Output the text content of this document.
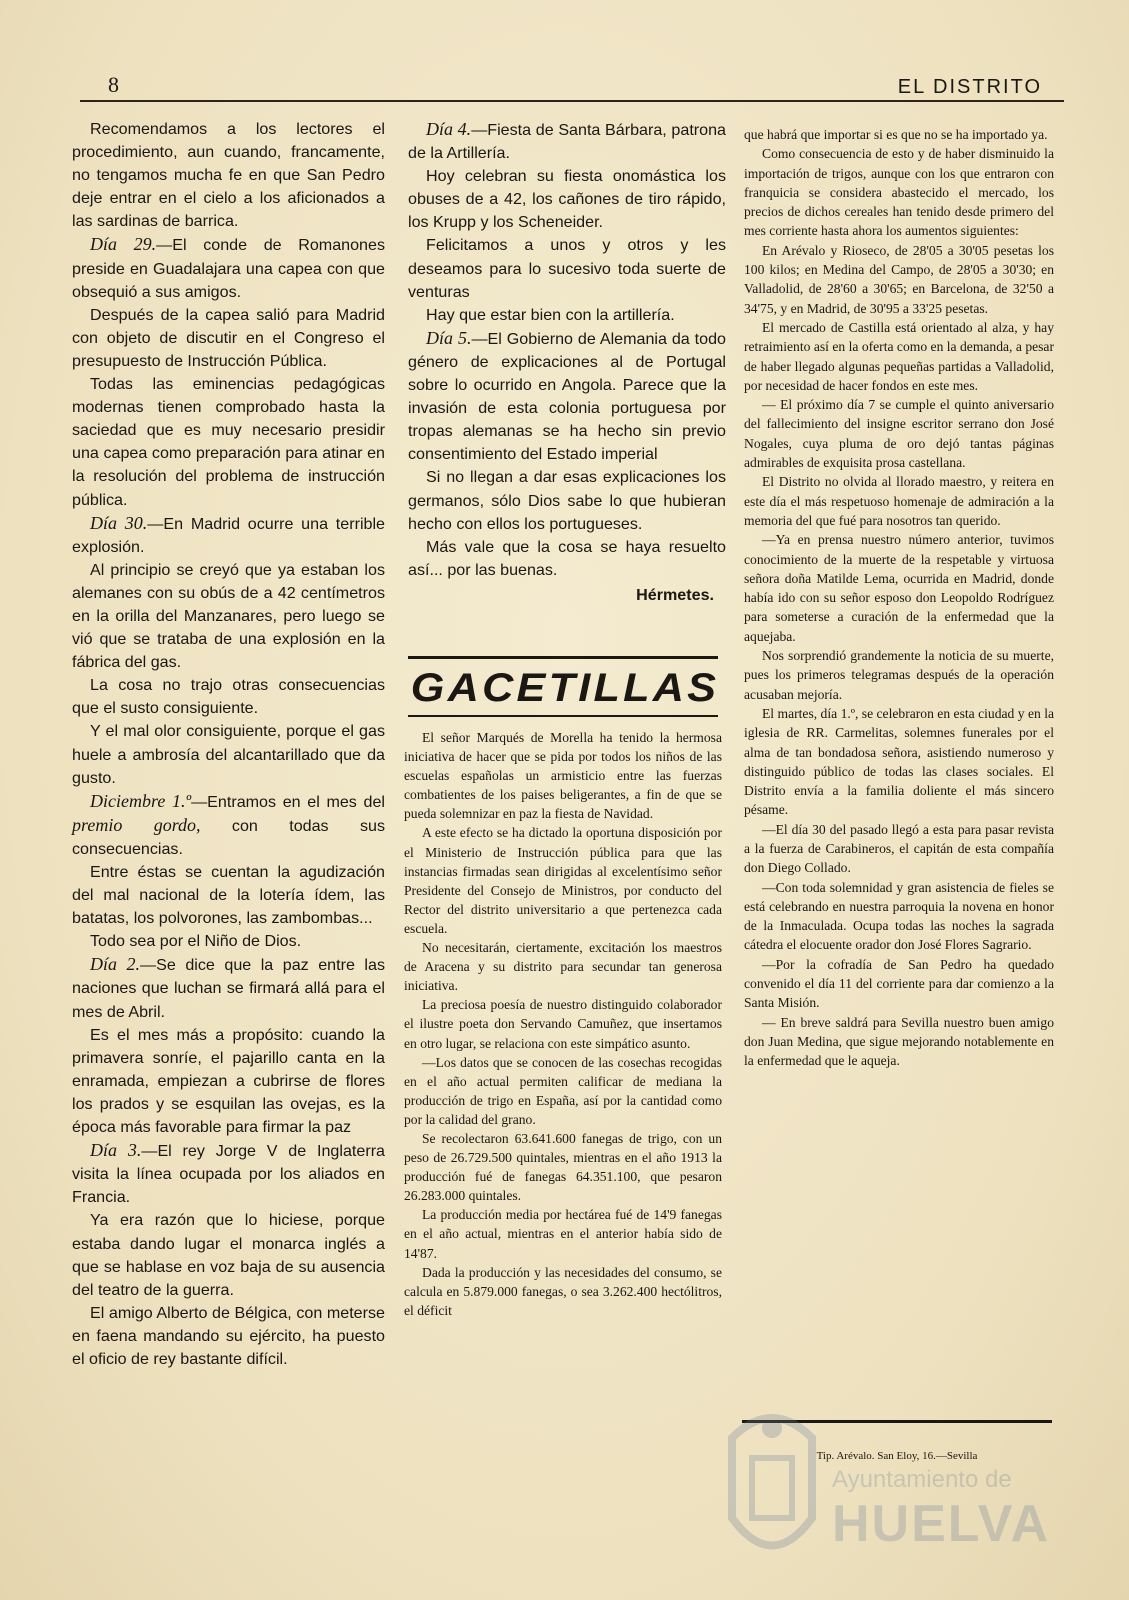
8	EL DISTRITO

Recomendamos a los lectores el procedimiento, aun cuando, francamente, no tengamos mucha fe en que San Pedro deje entrar en el cielo a los aficionados a las sardinas de barrica.

Día 29.—El conde de Romanones preside en Guadalajara una capea con que obsequió a sus amigos.

Después de la capea salió para Madrid con objeto de discutir en el Congreso el presupuesto de Instrucción Pública.

Todas las eminencias pedagógicas modernas tienen comprobado hasta la saciedad que es muy necesario presidir una capea como preparación para atinar en la resolución del problema de instrucción pública.

Día 30.—En Madrid ocurre una terrible explosión.

Al principio se creyó que ya estaban los alemanes con su obús de a 42 centímetros en la orilla del Manzanares, pero luego se vió que se trataba de una explosión en la fábrica del gas.

La cosa no trajo otras consecuencias que el susto consiguiente.

Y el mal olor consiguiente, porque el gas huele a ambrosía del alcantarillado que da gusto.

Diciembre 1.º—Entramos en el mes del premio gordo, con todas sus consecuencias.

Entre éstas se cuentan la agudización del mal nacional de la lotería ídem, las batatas, los polvorones, las zambombas...

Todo sea por el Niño de Dios.

Día 2.—Se dice que la paz entre las naciones que luchan se firmará allá para el mes de Abril.

Es el mes más a propósito: cuando la primavera sonríe, el pajarillo canta en la enramada, empiezan a cubrirse de flores los prados y se esquilan las ovejas, es la época más favorable para firmar la paz

Día 3.—El rey Jorge V de Inglaterra visita la línea ocupada por los aliados en Francia.

Ya era razón que lo hiciese, porque estaba dando lugar el monarca inglés a que se hablase en voz baja de su ausencia del teatro de la guerra.

El amigo Alberto de Bélgica, con meterse en faena mandando su ejército, ha puesto el oficio de rey bastante difícil.

Día 4.—Fiesta de Santa Bárbara, patrona de la Artillería.

Hoy celebran su fiesta onomástica los obuses de a 42, los cañones de tiro rápido, los Krupp y los Scheneider.

Felicitamos a unos y otros y les deseamos para lo sucesivo toda suerte de venturas

Hay que estar bien con la artillería.

Día 5.—El Gobierno de Alemania da todo género de explicaciones al de Portugal sobre lo ocurrido en Angola. Parece que la invasión de esta colonia portuguesa por tropas alemanas se ha hecho sin previo consentimiento del Estado imperial

Si no llegan a dar esas explicaciones los germanos, sólo Dios sabe lo que hubieran hecho con ellos los portugueses.

Más vale que la cosa se haya resuelto así... por las buenas.

Hérmetes.
GACETILLAS

El señor Marqués de Morella ha tenido la hermosa iniciativa de hacer que se pida por todos los niños de las escuelas españolas un armisticio entre las fuerzas combatientes de los paises beligerantes, a fin de que se pueda solemnizar en paz la fiesta de Navidad.

A este efecto se ha dictado la oportuna disposición por el Ministerio de Instrucción pública para que las instancias firmadas sean dirigidas al excelentísimo señor Presidente del Consejo de Ministros, por conducto del Rector del distrito universitario a que pertenezca cada escuela.

No necesitarán, ciertamente, excitación los maestros de Aracena y su distrito para secundar tan generosa iniciativa.

La preciosa poesía de nuestro distinguido colaborador el ilustre poeta don Servando Camuñez, que insertamos en otro lugar, se relaciona con este simpático asunto.

—Los datos que se conocen de las cosechas recogidas en el año actual permiten calificar de mediana la producción de trigo en España, así por la cantidad como por la calidad del grano.

Se recolectaron 63.641.600 fanegas de trigo, con un peso de 26.729.500 quintales, mientras en el año 1913 la producción fué de fanegas 64.351.100, que pesaron 26.283.000 quintales.

La producción media por hectárea fué de 14'9 fanegas en el año actual, mientras en el anterior había sido de 14'87.

Dada la producción y las necesidades del consumo, se calcula en 5.879.000 fanegas, o sea 3.262.400 hectólitros, el déficit

que habrá que importar si es que no se ha importado ya.

Como consecuencia de esto y de haber disminuido la importación de trigos, aunque con los que entraron con franquicia se considera abastecido el mercado, los precios de dichos cereales han tenido desde primero del mes corriente hasta ahora los aumentos siguientes:

En Arévalo y Rioseco, de 28'05 a 30'05 pesetas los 100 kilos; en Medina del Campo, de 28'05 a 30'30; en Valladolid, de 28'60 a 30'65; en Barcelona, de 32'50 a 34'75, y en Madrid, de 30'95 a 33'25 pesetas.

El mercado de Castilla está orientado al alza, y hay retraimiento así en la oferta como en la demanda, a pesar de haber llegado algunas pequeñas partidas a Valladolid, por necesidad de hacer fondos en este mes.

— El próximo día 7 se cumple el quinto aniversario del fallecimiento del insigne escritor serrano don José Nogales, cuya pluma de oro dejó tantas páginas admirables de exquisita prosa castellana.

El Distrito no olvida al llorado maestro, y reitera en este día el más respetuoso homenaje de admiración a la memoria del que fué para nosotros tan querido.

—Ya en prensa nuestro número anterior, tuvimos conocimiento de la muerte de la respetable y virtuosa señora doña Matilde Lema, ocurrida en Madrid, donde había ido con su señor esposo don Leopoldo Rodríguez para someterse a curación de la enfermedad que la aquejaba.

Nos sorprendió grandemente la noticia de su muerte, pues los primeros telegramas después de la operación acusaban mejoría.

El martes, día 1.º, se celebraron en esta ciudad y en la iglesia de RR. Carmelitas, solemnes funerales por el alma de tan bondadosa señora, asistiendo numeroso y distinguido público de todas las clases sociales. El Distrito envía a la familia doliente el más sincero pésame.

—El día 30 del pasado llegó a esta para pasar revista a la fuerza de Carabineros, el capitán de esta compañía don Diego Collado.

—Con toda solemnidad y gran asistencia de fieles se está celebrando en nuestra parroquia la novena en honor de la Inmaculada. Ocupa todas las noches la sagrada cátedra el elocuente orador don José Flores Sagrario.

—Por la cofradía de San Pedro ha quedado convenido el día 11 del corriente para dar comienzo a la Santa Misión.

— En breve saldrá para Sevilla nuestro buen amigo don Juan Medina, que sigue mejorando notablemente en la enfermedad que le aqueja.

Tip. Arévalo. San Eloy, 16.—Sevilla
Ayuntamiento de
HUELVA
